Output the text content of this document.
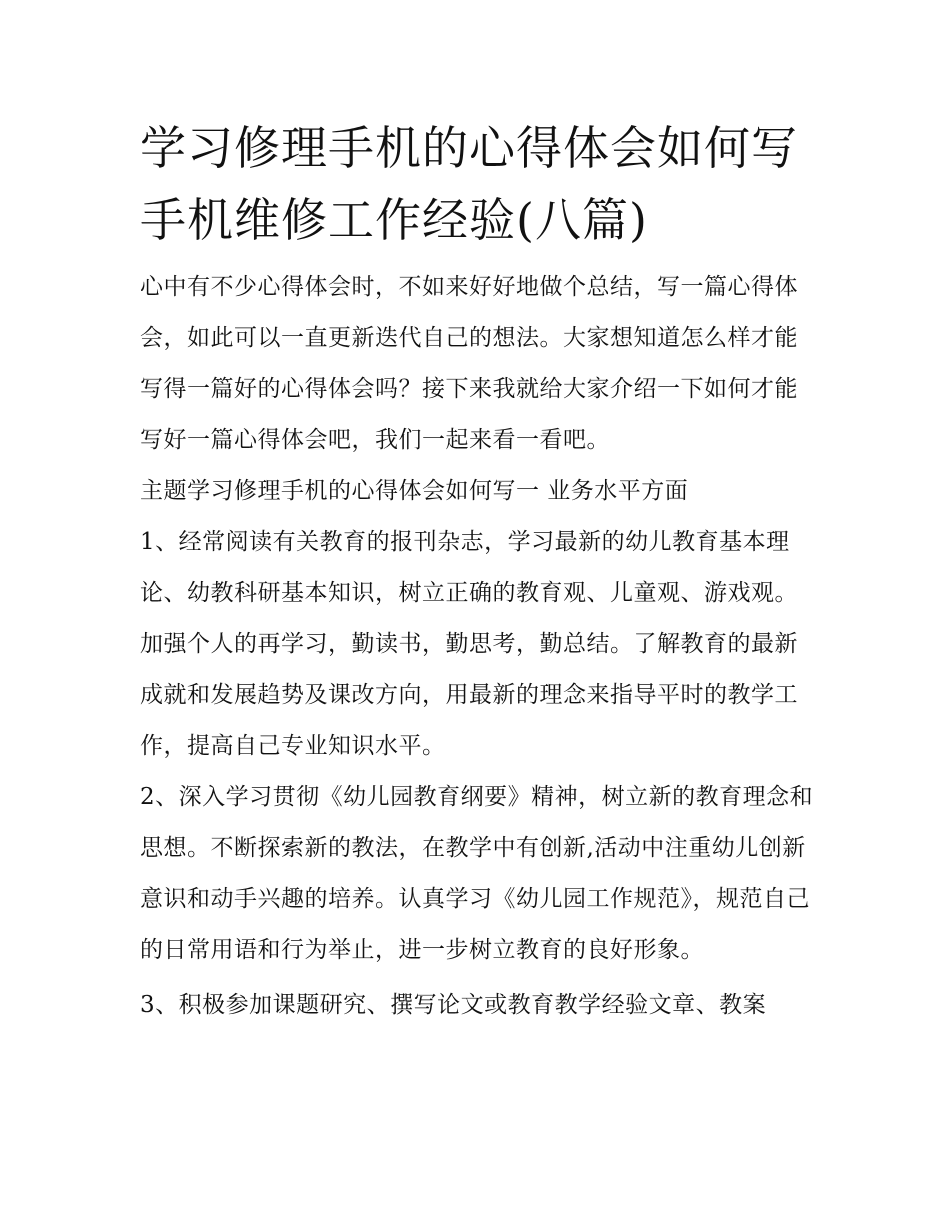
学习修理手机的心得体会如何写 手机维修工作经验(八篇)

心中有不少心得体会时，不如来好好地做个总结，写一篇心得体会，如此可以一直更新迭代自己的想法。大家想知道怎么样才能写得一篇好的心得体会吗？接下来我就给大家介绍一下如何才能写好一篇心得体会吧，我们一起来看一看吧。

主题学习修理手机的心得体会如何写一 业务水平方面

1、经常阅读有关教育的报刊杂志，学习最新的幼儿教育基本理论、幼教科研基本知识，树立正确的教育观、儿童观、游戏观。加强个人的再学习，勤读书，勤思考，勤总结。了解教育的最新成就和发展趋势及课改方向，用最新的理念来指导平时的教学工作，提高自己专业知识水平。

2、深入学习贯彻《幼儿园教育纲要》精神，树立新的教育理念和思想。不断探索新的教法，在教学中有创新,活动中注重幼儿创新意识和动手兴趣的培养。认真学习《幼儿园工作规范》，规范自己的日常用语和行为举止，进一步树立教育的良好形象。

3、积极参加课题研究、撰写论文或教育教学经验文章、教案
